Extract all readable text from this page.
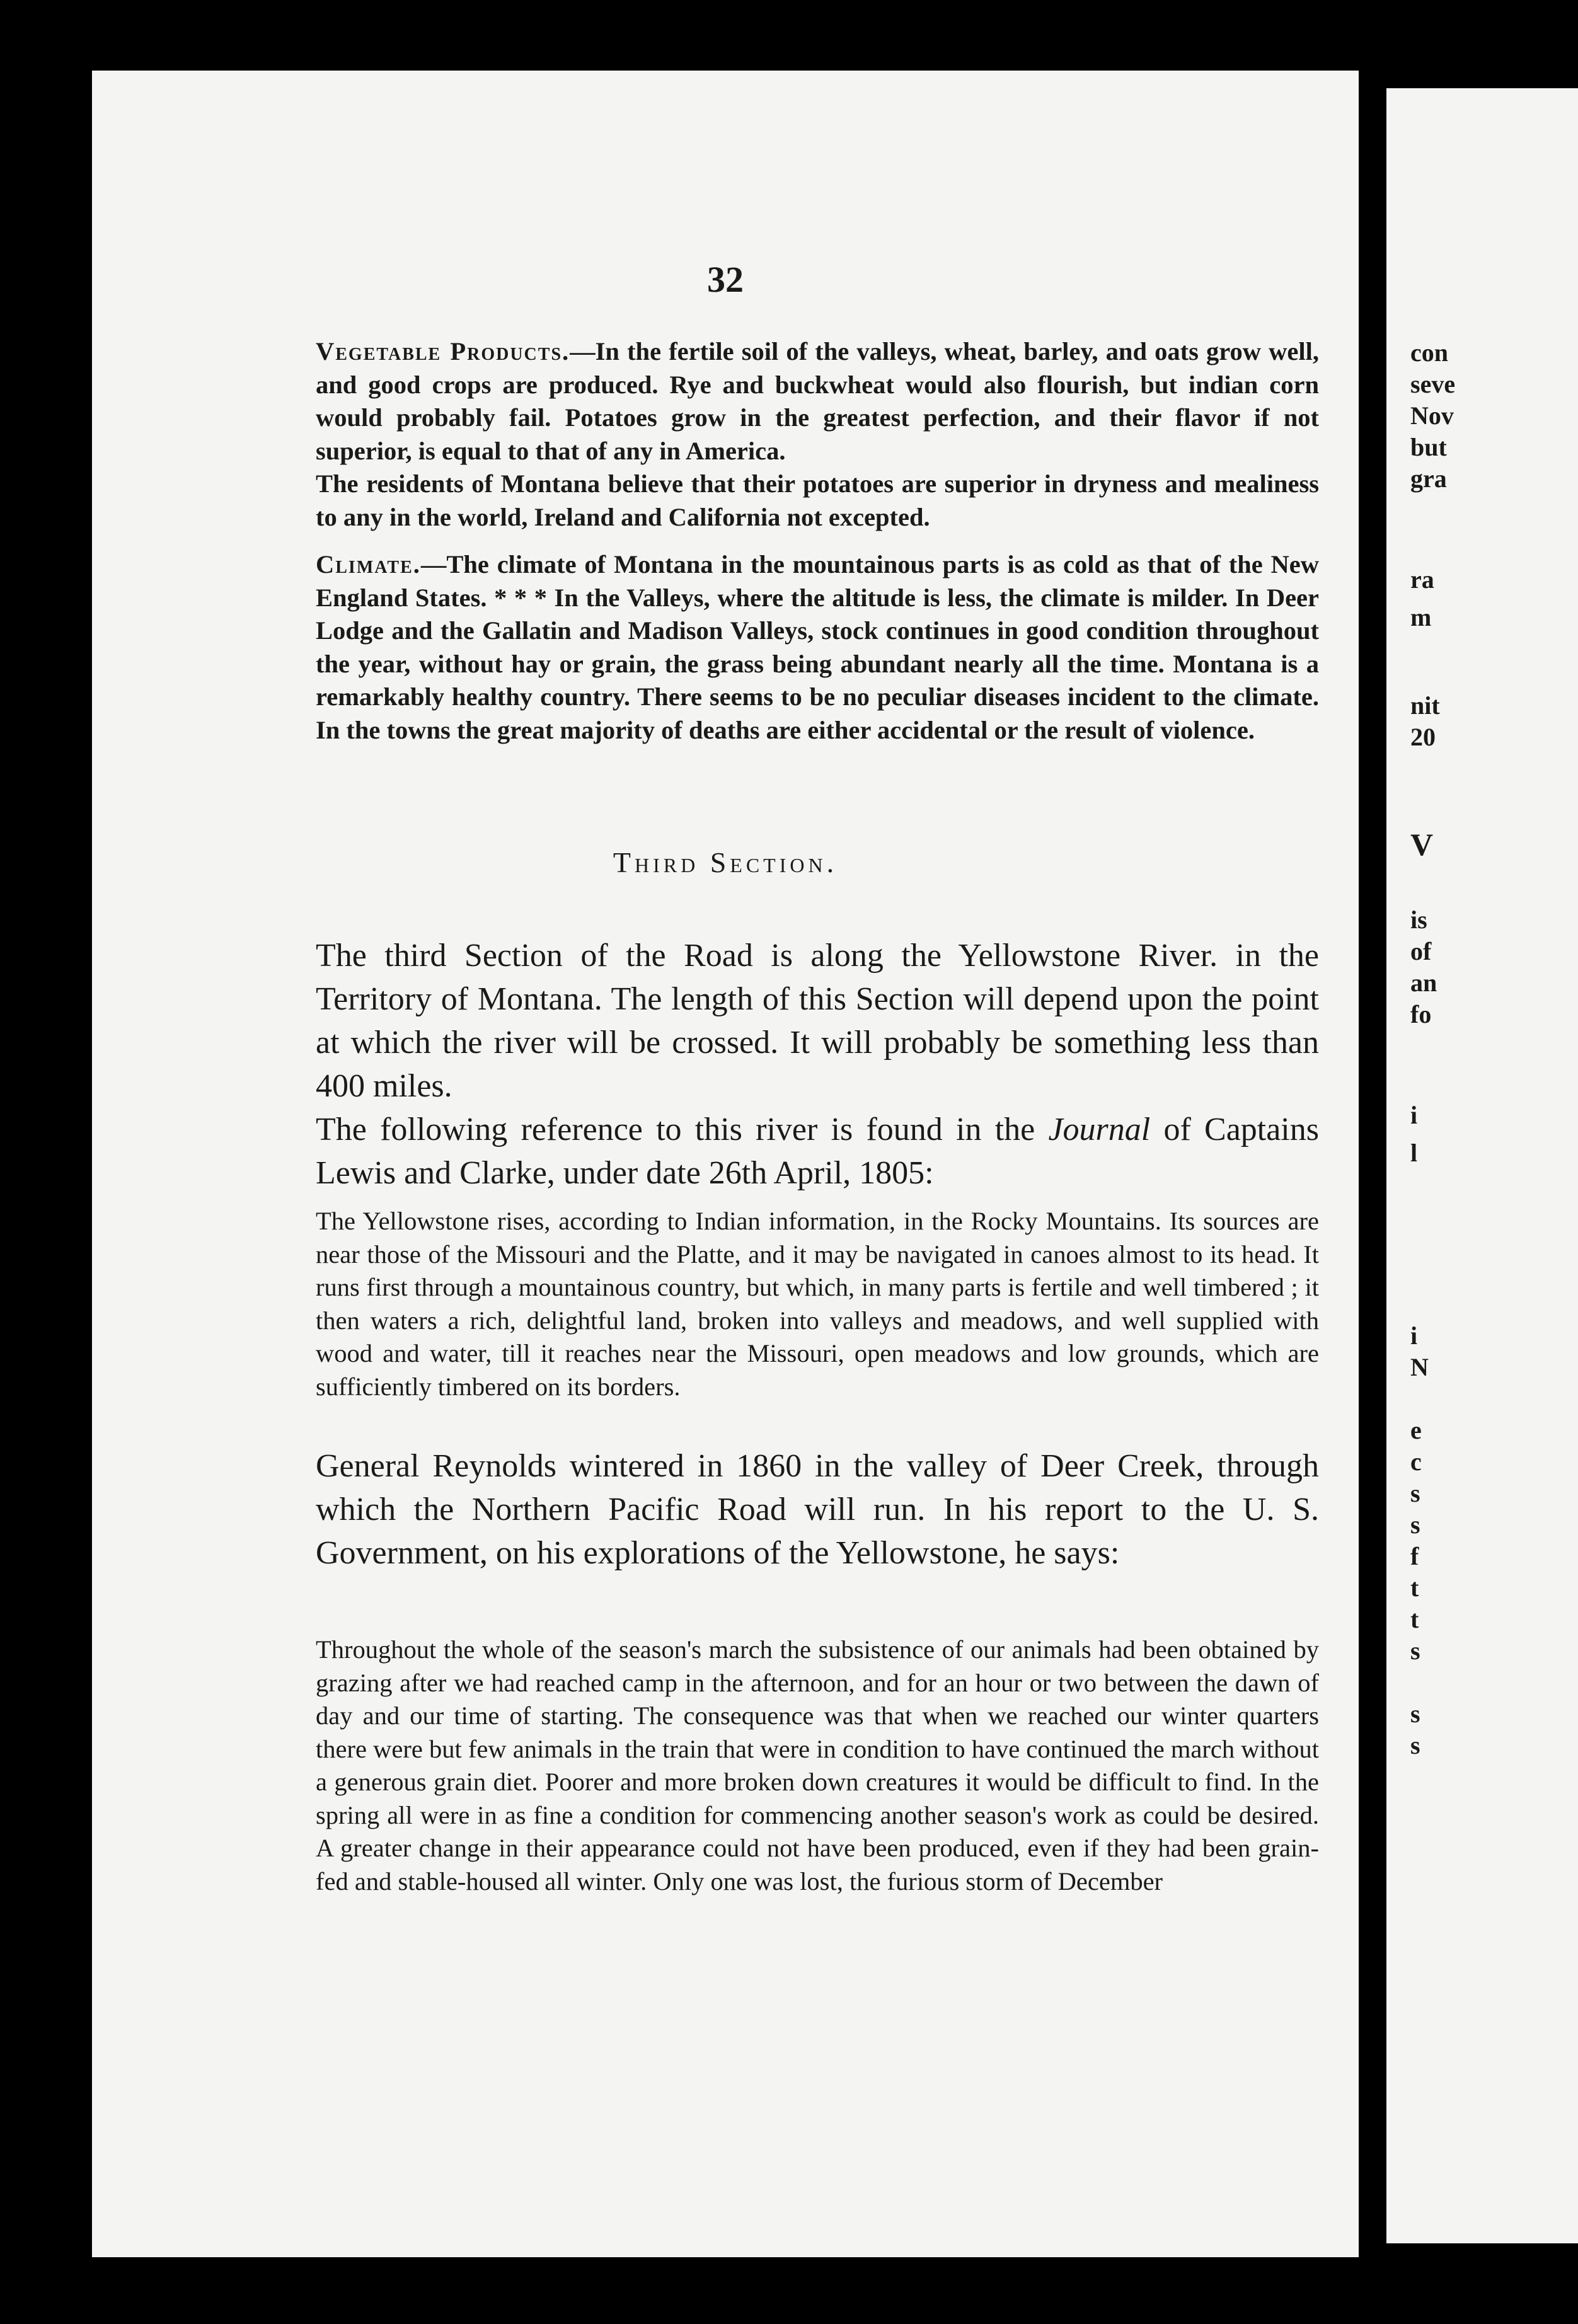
32

Vegetable Products.—In the fertile soil of the valleys, wheat, barley, and oats grow well, and good crops are produced. Rye and buckwheat would also flourish, but indian corn would probably fail. Potatoes grow in the greatest perfection, and their flavor if not superior, is equal to that of any in America.

The residents of Montana believe that their potatoes are superior in dryness and mealiness to any in the world, Ireland and California not excepted.

Climate.—The climate of Montana in the mountainous parts is as cold as that of the New England States. * * * In the Valleys, where the altitude is less, the climate is milder. In Deer Lodge and the Gallatin and Madison Valleys, stock continues in good condition throughout the year, without hay or grain, the grass being abundant nearly all the time. Montana is a remarkably healthy country. There seems to be no peculiar diseases incident to the climate. In the towns the great majority of deaths are either accidental or the result of violence.

Third Section.

The third Section of the Road is along the Yellowstone River. in the Territory of Montana. The length of this Section will depend upon the point at which the river will be crossed. It will probably be something less than 400 miles.

The following reference to this river is found in the Journal of Captains Lewis and Clarke, under date 26th April, 1805:

The Yellowstone rises, according to Indian information, in the Rocky Mountains. Its sources are near those of the Missouri and the Platte, and it may be navigated in canoes almost to its head. It runs first through a mountainous country, but which, in many parts is fertile and well timbered ; it then waters a rich, delightful land, broken into valleys and meadows, and well supplied with wood and water, till it reaches near the Missouri, open meadows and low grounds, which are sufficiently timbered on its borders.
General Reynolds wintered in 1860 in the valley of Deer Creek, through which the Northern Pacific Road will run. In his report to the U. S. Government, on his explorations of the Yellowstone, he says:
Throughout the whole of the season's march the subsistence of our animals had been obtained by grazing after we had reached camp in the afternoon, and for an hour or two between the dawn of day and our time of starting. The consequence was that when we reached our winter quarters there were but few animals in the train that were in condition to have continued the march without a generous grain diet. Poorer and more broken down creatures it would be difficult to find. In the spring all were in as fine a condition for commencing another season's work as could be desired. A greater change in their appearance could not have been produced, even if they had been grain-fed and stable-housed all winter. Only one was lost, the furious storm of December
con
seve
Nov
but
gra
ra
m
nit
20
V
is
of
an
fo
i
l
i
N
e
c
s
s
f
t
t
s
s
s
